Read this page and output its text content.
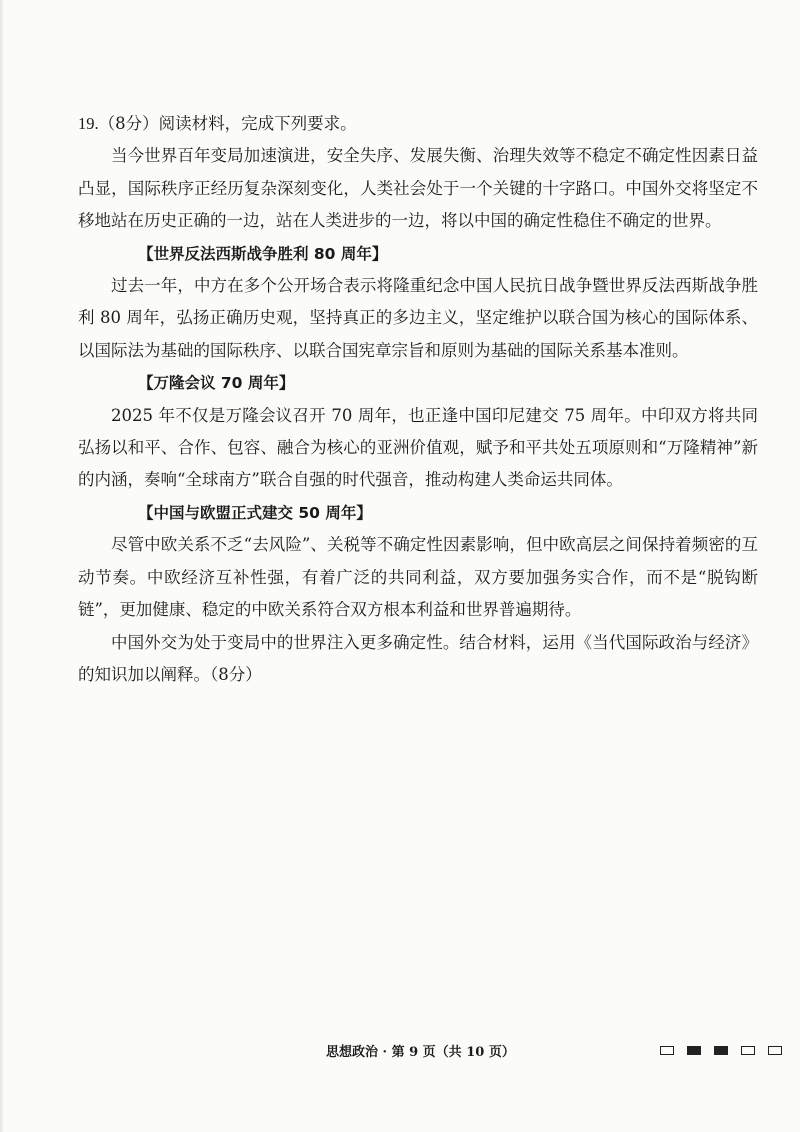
19.（8分）阅读材料，完成下列要求。

当今世界百年变局加速演进，安全失序、发展失衡、治理失效等不稳定不确定性因素日益凸显，国际秩序正经历复杂深刻变化，人类社会处于一个关键的十字路口。中国外交将坚定不移地站在历史正确的一边，站在人类进步的一边，将以中国的确定性稳住不确定的世界。

【世界反法西斯战争胜利 80 周年】

过去一年，中方在多个公开场合表示将隆重纪念中国人民抗日战争暨世界反法西斯战争胜利 80 周年，弘扬正确历史观，坚持真正的多边主义，坚定维护以联合国为核心的国际体系、以国际法为基础的国际秩序、以联合国宪章宗旨和原则为基础的国际关系基本准则。

【万隆会议 70 周年】

2025 年不仅是万隆会议召开 70 周年，也正逢中国印尼建交 75 周年。中印双方将共同弘扬以和平、合作、包容、融合为核心的亚洲价值观，赋予和平共处五项原则和“万隆精神”新的内涵，奏响“全球南方”联合自强的时代强音，推动构建人类命运共同体。

【中国与欧盟正式建交 50 周年】

尽管中欧关系不乏“去风险”、关税等不确定性因素影响，但中欧高层之间保持着频密的互动节奏。中欧经济互补性强，有着广泛的共同利益，双方要加强务实合作，而不是“脱钩断链”，更加健康、稳定的中欧关系符合双方根本利益和世界普遍期待。

中国外交为处于变局中的世界注入更多确定性。结合材料，运用《当代国际政治与经济》的知识加以阐释。（8分）

思想政治 · 第 9 页（共 10 页）
